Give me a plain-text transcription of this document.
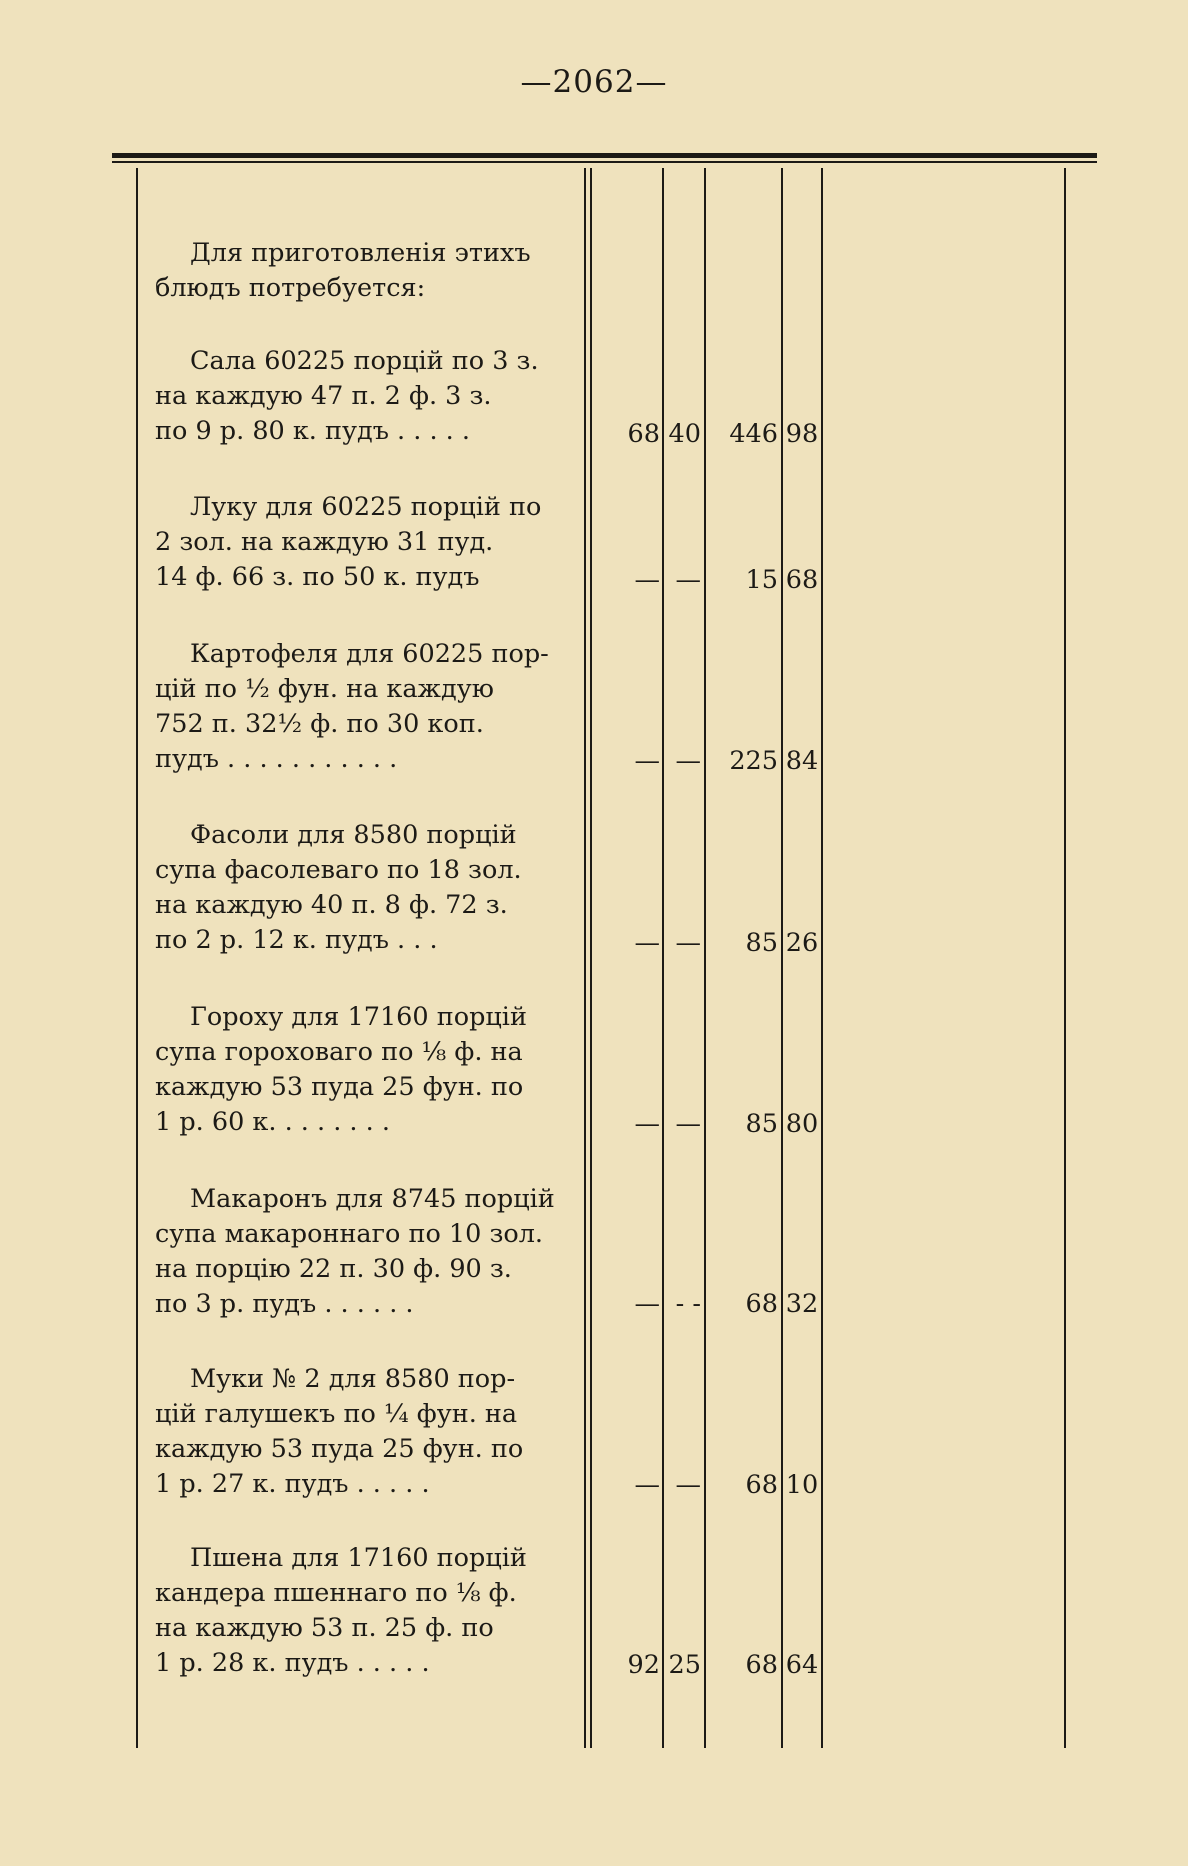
—2062—
Для приготовленія этихъ
блюдъ потребуется:
Сала 60225 порцій по 3 з.
на каждую 47 п. 2 ф. 3 з.
по 9 р. 80 к. пудъ . . . . .	68 40	446 98
Луку для 60225 порцій по
2 зол. на каждую 31 пуд.
14 ф. 66 з. по 50 к. пудъ	— —	15 68
Картофеля для 60225 пор-
цій по ½ фун. на каждую
752 п. 32½ ф. по 30 коп.
пудъ . . . . . . . . . . .	— —	225 84
Фасоли для 8580 порцій
супа фасолеваго по 18 зол.
на каждую 40 п. 8 ф. 72 з.
по 2 р. 12 к. пудъ . . .	— —	85 26
Гороху для 17160 порцій
супа гороховаго по ⅛ ф. на
каждую 53 пуда 25 фун. по
1 р. 60 к. . . . . . . .	— —	85 80
Макаронъ для 8745 порцій
супа макароннаго по 10 зол.
на порцію 22 п. 30 ф. 90 з.
по 3 р. пудъ . . . . . .	— - -	68 32
Муки № 2 для 8580 пор-
цій галушекъ по ¼ фун. на
каждую 53 пуда 25 фун. по
1 р. 27 к. пудъ . . . . .	— —	68 10
Пшена для 17160 порцій
кандера пшеннаго по ⅛ ф.
на каждую 53 п. 25 ф. по
1 р. 28 к. пудъ . . . . .	92 25	68 64
